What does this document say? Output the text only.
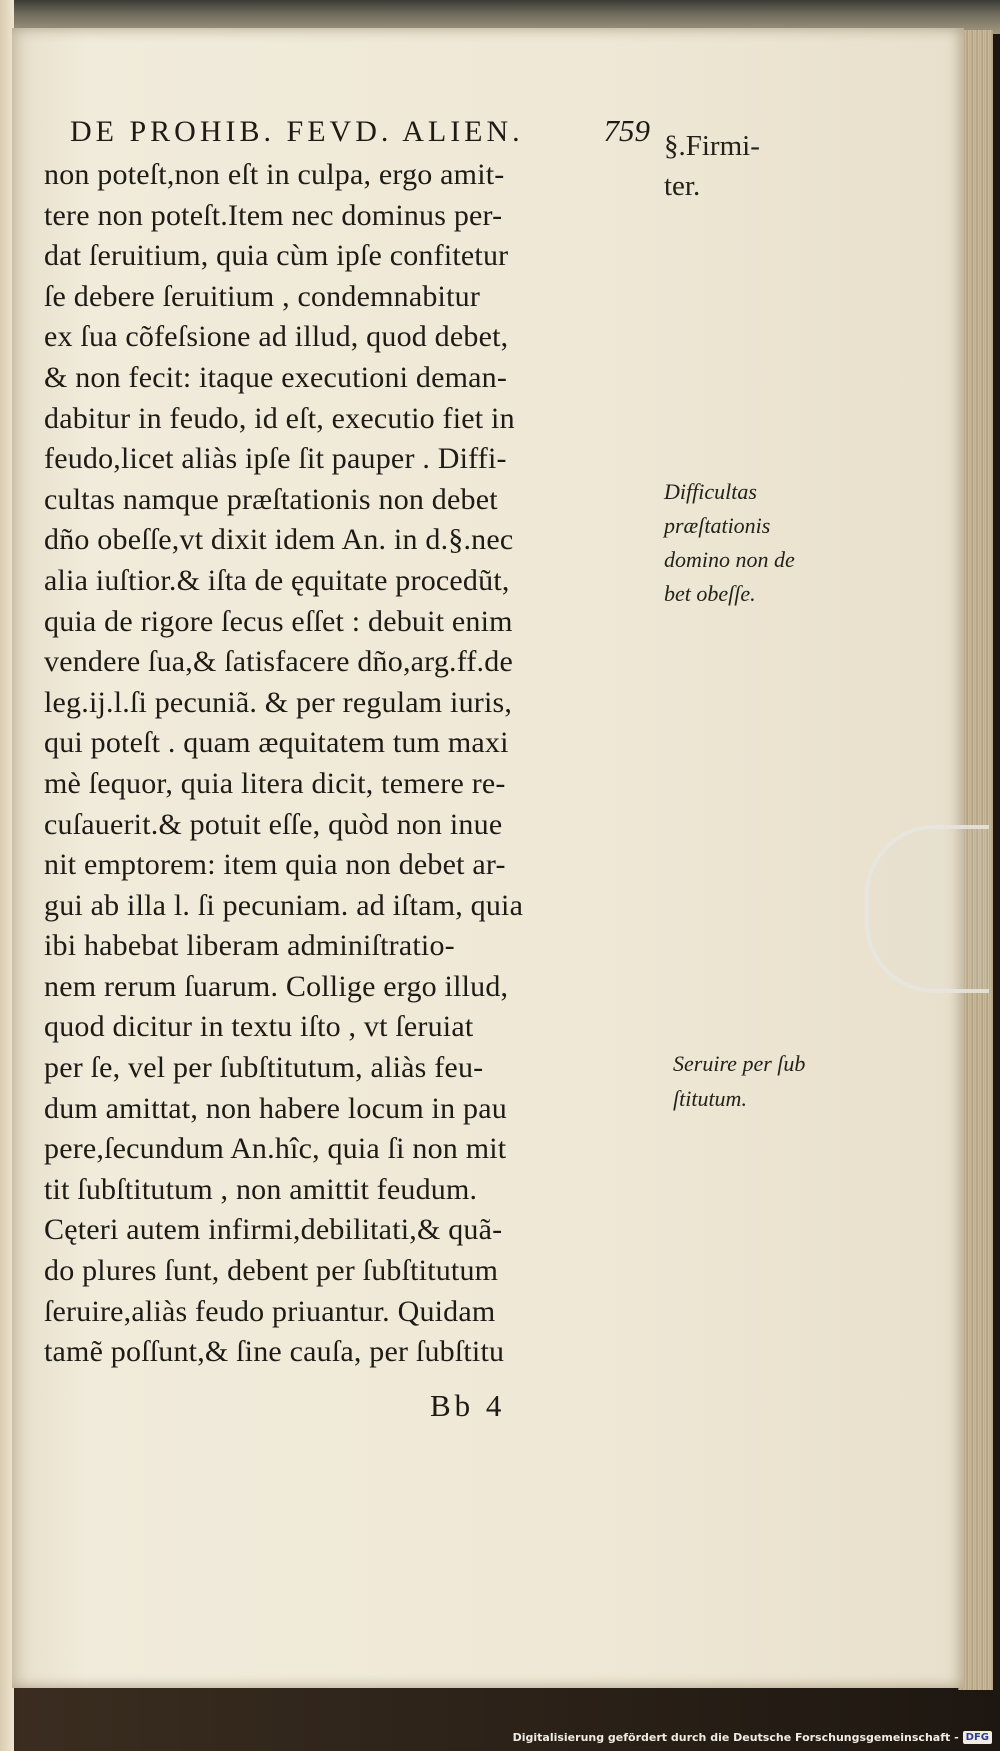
DE PROHIB. FEVD. ALIEN.	759
non poteſt,non eſt in culpa, ergo amit-
tere non poteſt.Item nec dominus per-
dat ſeruitium, quia cùm ipſe confitetur
ſe debere ſeruitium , condemnabitur
ex ſua cõfeſsione ad illud, quod debet,
& non fecit: itaque executioni deman-
dabitur in feudo, id eſt, executio fiet in
feudo,licet aliàs ipſe ſit pauper . Diffi-
cultas namque præſtationis non debet
dño obeſſe,vt dixit idem An. in d.§.nec
alia iuſtior.& iſta de ęquitate procedũt,
quia de rigore ſecus eſſet : debuit enim
vendere ſua,& ſatisfacere dño,arg.ff.de
leg.ij.l.ſi pecuniã. & per regulam iuris,
qui poteſt . quam æquitatem tum maxi
mè ſequor, quia litera dicit, temere re-
cuſauerit.& potuit eſſe, quòd non inue
nit emptorem: item quia non debet ar-
gui ab illa l. ſi pecuniam. ad iſtam, quia
ibi habebat liberam adminiſtratio-
nem rerum ſuarum. Collige ergo illud,
quod dicitur in textu iſto , vt ſeruiat
per ſe, vel per ſubſtitutum, aliàs feu-
dum amittat, non habere locum in pau
pere,ſecundum An.hîc, quia ſi non mit
tit ſubſtitutum , non amittit feudum.
Cęteri autem infirmi,debilitati,& quã-
do plures ſunt, debent per ſubſtitutum
ſeruire,aliàs feudo priuantur. Quidam
tamẽ poſſunt,& ſine cauſa, per ſubſtitu
Bb 4
§.Firmi-
ter.
Difficultas
præſtationis
domino non de
bet obeſſe.
Seruire per ſub
ſtitutum.
Digitalisierung gefördert durch die Deutsche Forschungsgemeinschaft - DFG
